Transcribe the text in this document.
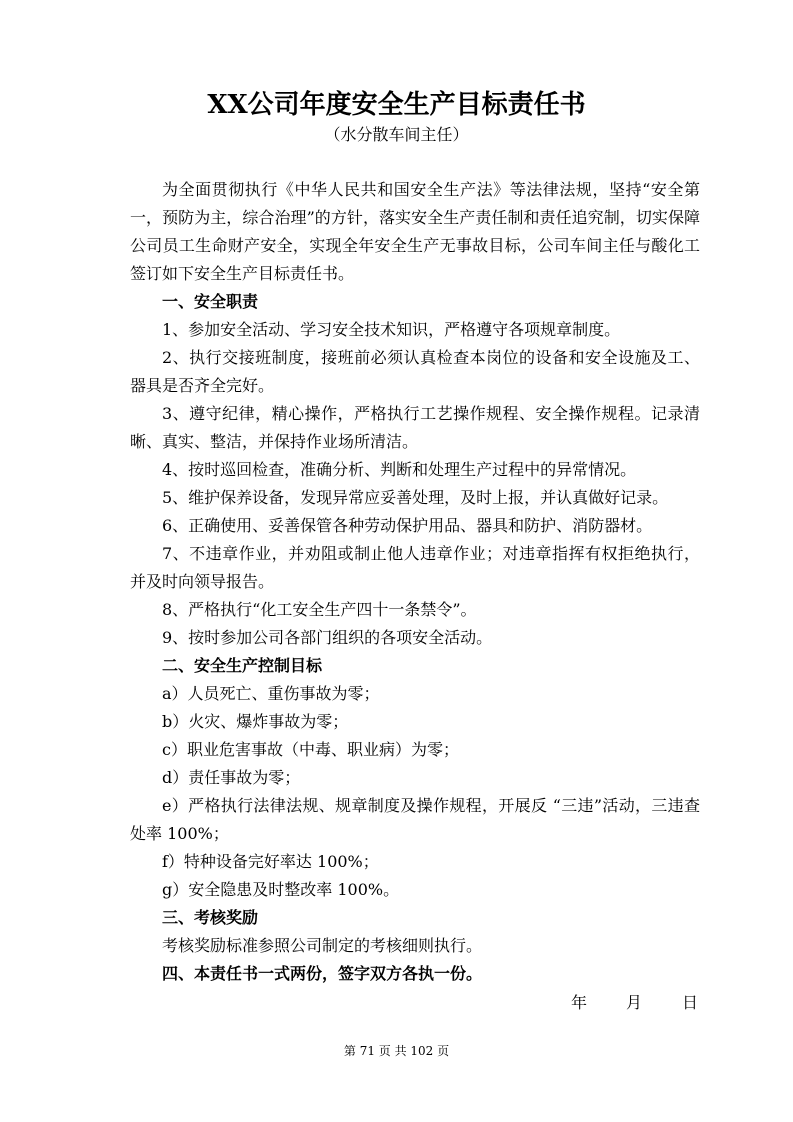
XX公司年度安全生产目标责任书
（水分散车间主任）

为全面贯彻执行《中华人民共和国安全生产法》等法律法规，坚持“安全第一，预防为主，综合治理”的方针，落实安全生产责任制和责任追究制，切实保障公司员工生命财产安全，实现全年安全生产无事故目标，公司车间主任与酸化工签订如下安全生产目标责任书。

一、安全职责

1、参加安全活动、学习安全技术知识，严格遵守各项规章制度。

2、执行交接班制度，接班前必须认真检查本岗位的设备和安全设施及工、器具是否齐全完好。

3、遵守纪律，精心操作，严格执行工艺操作规程、安全操作规程。记录清晰、真实、整洁，并保持作业场所清洁。

4、按时巡回检查，准确分析、判断和处理生产过程中的异常情况。

5、维护保养设备，发现异常应妥善处理，及时上报，并认真做好记录。

6、正确使用、妥善保管各种劳动保护用品、器具和防护、消防器材。

7、不违章作业，并劝阻或制止他人违章作业；对违章指挥有权拒绝执行，并及时向领导报告。

8、严格执行“化工安全生产四十一条禁令”。

9、按时参加公司各部门组织的各项安全活动。

二、安全生产控制目标

a）人员死亡、重伤事故为零；

b）火灾、爆炸事故为零；

c）职业危害事故（中毒、职业病）为零；

d）责任事故为零；

e）严格执行法律法规、规章制度及操作规程，开展反 “三违”活动，三违查处率 100%；

f）特种设备完好率达 100%；

g）安全隐患及时整改率 100%。

三、考核奖励

考核奖励标准参照公司制定的考核细则执行。

四、本责任书一式两份，签字双方各执一份。

年 月 日
第 71 页 共 102 页
